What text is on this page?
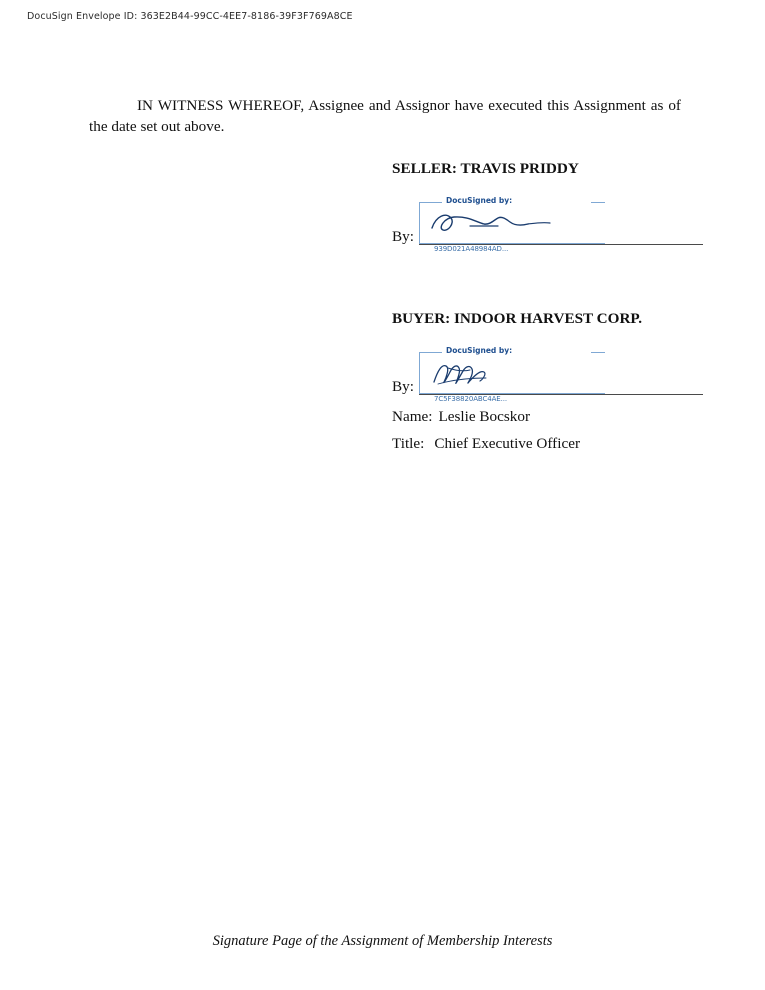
DocuSign Envelope ID: 363E2B44-99CC-4EE7-8186-39F3F769A8CE
IN WITNESS WHEREOF, Assignee and Assignor have executed this Assignment as of the date set out above.
SELLER: TRAVIS PRIDDY
By:
DocuSigned by:
939D021A48984AD...
BUYER: INDOOR HARVEST CORP.
By:
DocuSigned by:
7C5F38820ABC4AE...
Name: Leslie Bocskor
Title: Chief Executive Officer
Signature Page of the Assignment of Membership Interests
